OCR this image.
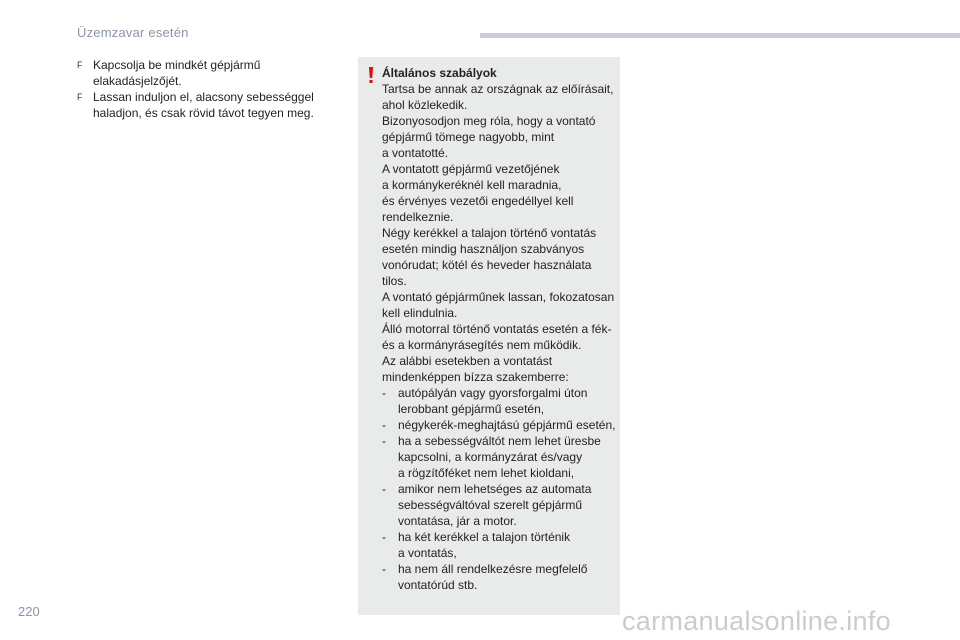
Üzemzavar esetén
F Kapcsolja be mindkét gépjármű
elakadásjelzőjét.
F Lassan induljon el, alacsony sebességgel
haladjon, és csak rövid távot tegyen meg.
Általános szabályok
Tartsa be annak az országnak az előírásait,
ahol közlekedik.
Bizonyosodjon meg róla, hogy a vontató
gépjármű tömege nagyobb, mint
a vontatotté.
A vontatott gépjármű vezetőjének
a kormánykeréknél kell maradnia,
és érvényes vezetői engedéllyel kell
rendelkeznie.
Négy kerékkel a talajon történő vontatás
esetén mindig használjon szabványos
vonórudat; kötél és heveder használata
tilos.
A vontató gépjárműnek lassan, fokozatosan
kell elindulnia.
Álló motorral történő vontatás esetén a fék-
és a kormányrásegítés nem működik.
Az alábbi esetekben a vontatást
mindenképpen bízza szakemberre:
- autópályán vagy gyorsforgalmi úton
lerobbant gépjármű esetén,
- négykerék-meghajtású gépjármű esetén,
- ha a sebességváltót nem lehet üresbe
kapcsolni, a kormányzárat és/vagy
a rögzítőféket nem lehet kioldani,
- amikor nem lehetséges az automata
sebességváltóval szerelt gépjármű
vontatása, jár a motor.
- ha két kerékkel a talajon történik
a vontatás,
- ha nem áll rendelkezésre megfelelő
vontatórúd stb.
220	carmanualsonline.info
